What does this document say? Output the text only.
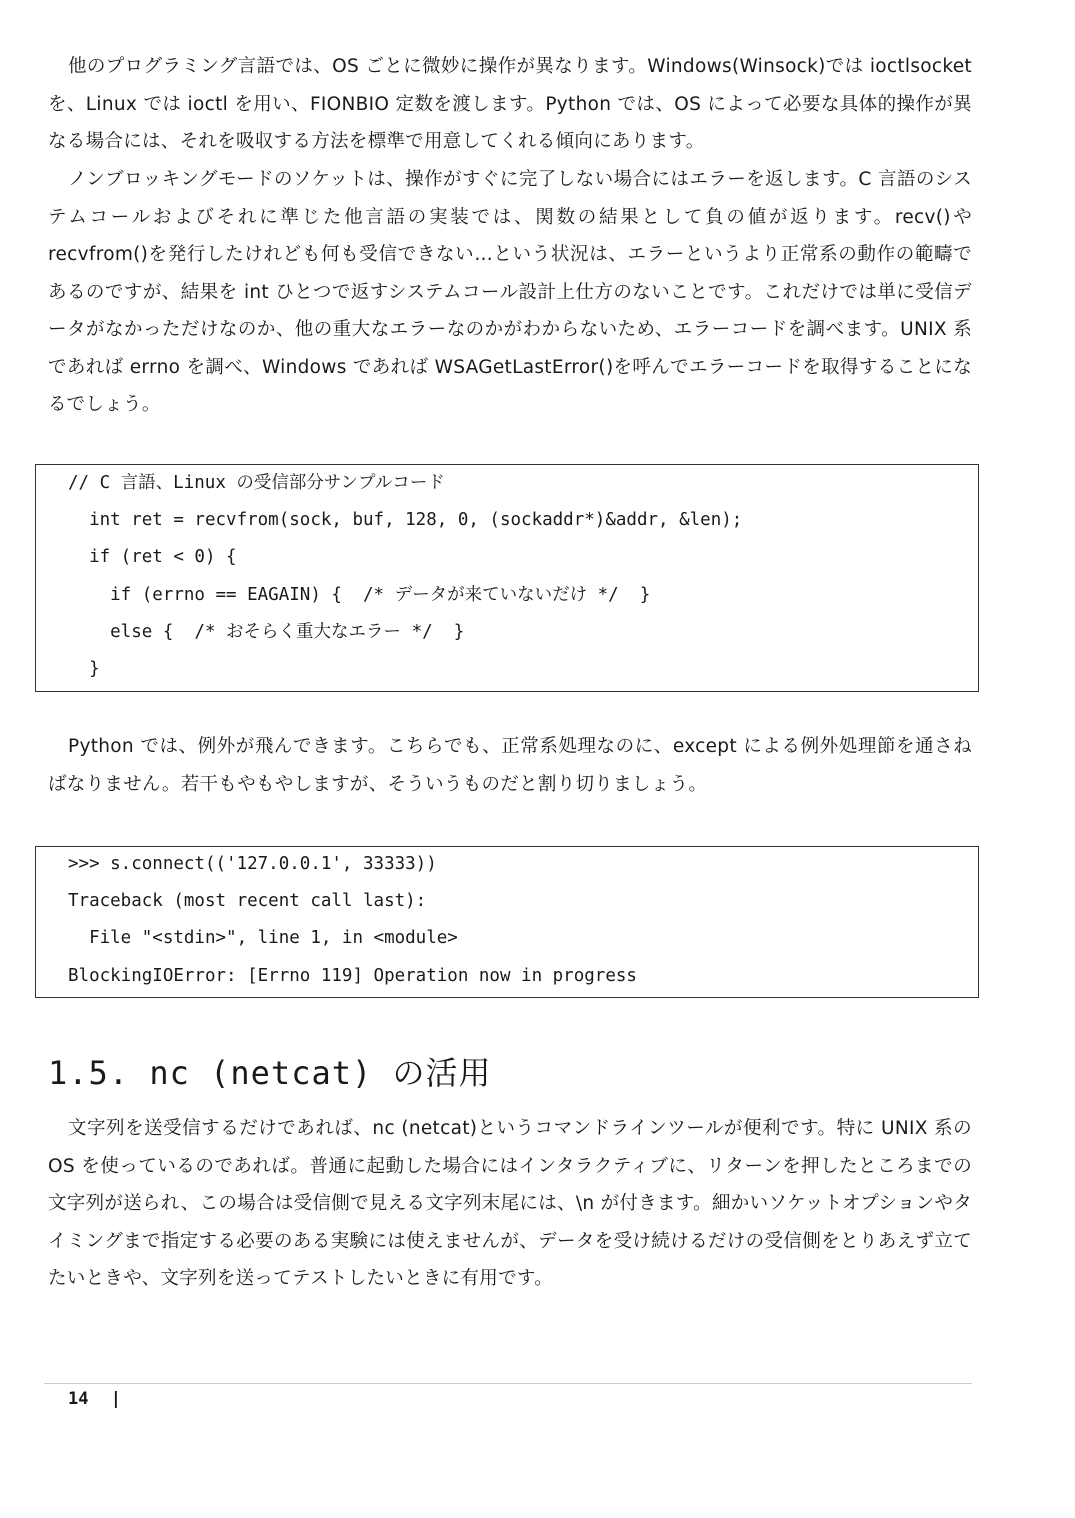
他のプログラミング言語では、OS ごとに微妙に操作が異なります。Windows(Winsock)では ioctlsocket を、Linux では ioctl を用い、FIONBIO 定数を渡します。Python では、OS によって必要な具体的操作が異なる場合には、それを吸収する方法を標準で用意してくれる傾向にあります。

ノンブロッキングモードのソケットは、操作がすぐに完了しない場合にはエラーを返します。C 言語のシステムコールおよびそれに準じた他言語の実装では、関数の結果として負の値が返ります。recv()や recvfrom()を発行したけれども何も受信できない…という状況は、エラーというより正常系の動作の範疇であるのですが、結果を int ひとつで返すシステムコール設計上仕方のないことです。これだけでは単に受信データがなかっただけなのか、他の重大なエラーなのかがわからないため、エラーコードを調べます。UNIX 系であれば errno を調べ、Windows であれば WSAGetLastError()を呼んでエラーコードを取得することになるでしょう。

// C 言語、Linux の受信部分サンプルコード
int ret = recvfrom(sock, buf, 128, 0, (sockaddr*)&addr, &len);
if (ret < 0) {
if (errno == EAGAIN) {  /* データが来ていないだけ */  }
else {  /* おそらく重大なエラー */  }
}

Python では、例外が飛んできます。こちらでも、正常系処理なのに、except による例外処理節を通さねばなりません。若干もやもやしますが、そういうものだと割り切りましょう。

>>> s.connect(('127.0.0.1', 33333))
Traceback (most recent call last):
File "<stdin>", line 1, in <module>
BlockingIOError: [Errno 119] Operation now in progress
1.5. nc (netcat) の活用

文字列を送受信するだけであれば、nc (netcat)というコマンドラインツールが便利です。特に UNIX 系の OS を使っているのであれば。普通に起動した場合にはインタラクティブに、リターンを押したところまでの文字列が送られ、この場合は受信側で見える文字列末尾には、\n が付きます。細かいソケットオプションやタイミングまで指定する必要のある実験には使えませんが、データを受け続けるだけの受信側をとりあえず立てたいときや、文字列を送ってテストしたいときに有用です。

14 |
